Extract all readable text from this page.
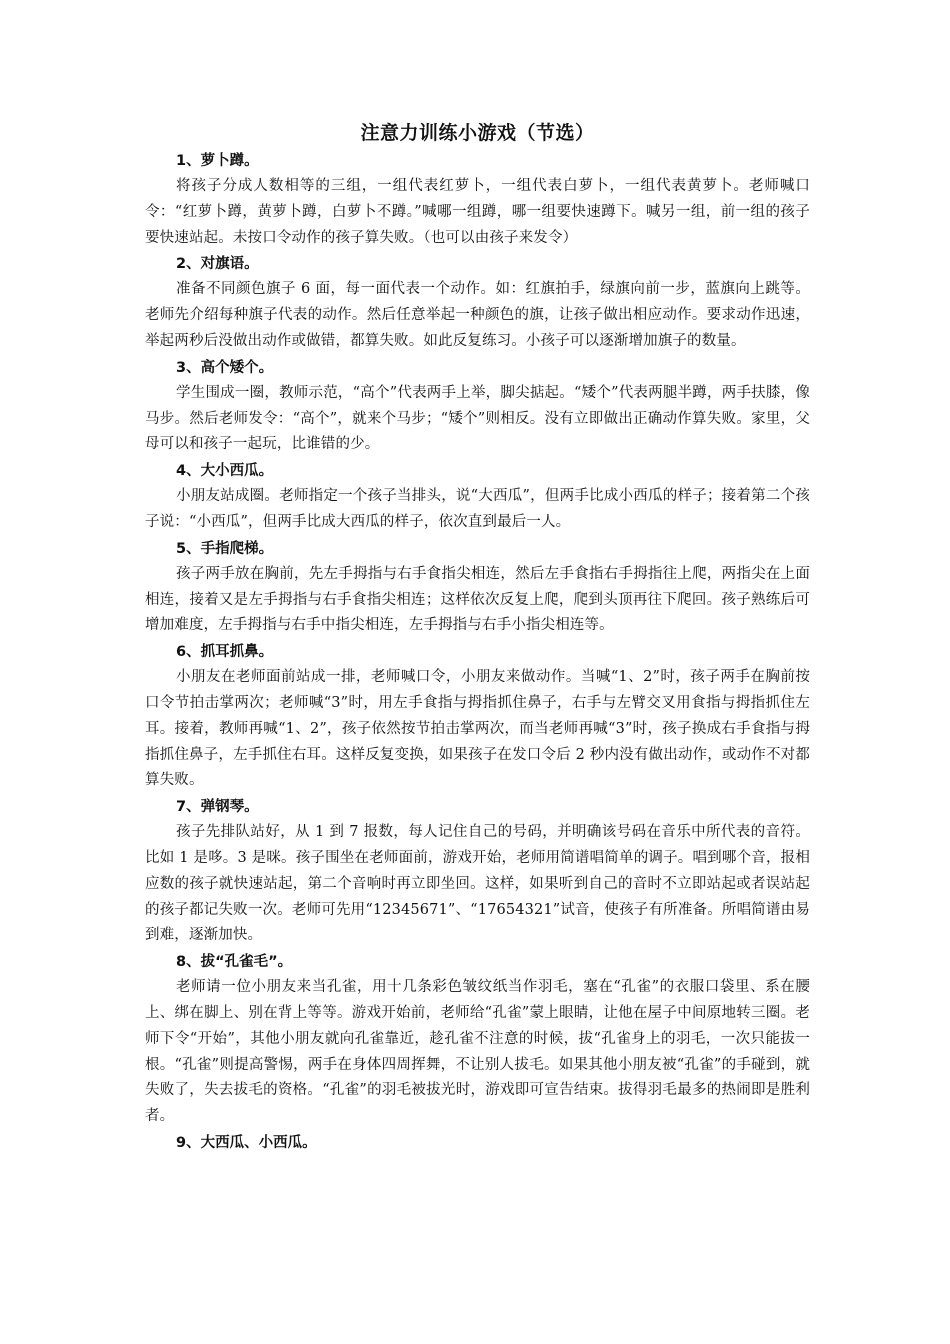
注意力训练小游戏（节选）

1、萝卜蹲。

将孩子分成人数相等的三组，一组代表红萝卜，一组代表白萝卜，一组代表黄萝卜。老师喊口令：“红萝卜蹲，黄萝卜蹲，白萝卜不蹲。”喊哪一组蹲，哪一组要快速蹲下。喊另一组，前一组的孩子要快速站起。未按口令动作的孩子算失败。（也可以由孩子来发令）

2、对旗语。

准备不同颜色旗子 6 面，每一面代表一个动作。如：红旗拍手，绿旗向前一步，蓝旗向上跳等。老师先介绍每种旗子代表的动作。然后任意举起一种颜色的旗，让孩子做出相应动作。要求动作迅速，举起两秒后没做出动作或做错，都算失败。如此反复练习。小孩子可以逐渐增加旗子的数量。

3、高个矮个。

学生围成一圈，教师示范，“高个”代表两手上举，脚尖掂起。“矮个”代表两腿半蹲，两手扶膝，像马步。然后老师发令：“高个”，就来个马步；“矮个”则相反。没有立即做出正确动作算失败。家里，父母可以和孩子一起玩，比谁错的少。

4、大小西瓜。

小朋友站成圈。老师指定一个孩子当排头，说“大西瓜”，但两手比成小西瓜的样子；接着第二个孩子说：“小西瓜”，但两手比成大西瓜的样子，依次直到最后一人。

5、手指爬梯。

孩子两手放在胸前，先左手拇指与右手食指尖相连，然后左手食指右手拇指往上爬，两指尖在上面相连，接着又是左手拇指与右手食指尖相连；这样依次反复上爬，爬到头顶再往下爬回。孩子熟练后可增加难度，左手拇指与右手中指尖相连，左手拇指与右手小指尖相连等。

6、抓耳抓鼻。

小朋友在老师面前站成一排，老师喊口令，小朋友来做动作。当喊“1、2”时，孩子两手在胸前按口令节拍击掌两次；老师喊“3”时，用左手食指与拇指抓住鼻子，右手与左臂交叉用食指与拇指抓住左耳。接着，教师再喊“1、2”，孩子依然按节拍击掌两次，而当老师再喊“3”时，孩子换成右手食指与拇指抓住鼻子，左手抓住右耳。这样反复变换，如果孩子在发口令后 2 秒内没有做出动作，或动作不对都算失败。

7、弹钢琴。

孩子先排队站好，从 1 到 7 报数，每人记住自己的号码，并明确该号码在音乐中所代表的音符。比如 1 是哆。3 是咪。孩子围坐在老师面前，游戏开始，老师用简谱唱简单的调子。唱到哪个音，报相应数的孩子就快速站起，第二个音响时再立即坐回。这样，如果听到自己的音时不立即站起或者误站起的孩子都记失败一次。老师可先用“12345671”、“17654321”试音，使孩子有所准备。所唱简谱由易到难，逐渐加快。

8、拔“孔雀毛”。

老师请一位小朋友来当孔雀，用十几条彩色皱纹纸当作羽毛，塞在“孔雀”的衣服口袋里、系在腰上、绑在脚上、别在背上等等。游戏开始前，老师给“孔雀”蒙上眼睛，让他在屋子中间原地转三圈。老师下令“开始”，其他小朋友就向孔雀靠近，趁孔雀不注意的时候，拔“孔雀身上的羽毛，一次只能拔一根。“孔雀”则提高警惕，两手在身体四周挥舞，不让别人拔毛。如果其他小朋友被“孔雀”的手碰到，就失败了，失去拔毛的资格。“孔雀”的羽毛被拔光时，游戏即可宣告结束。拔得羽毛最多的热闹即是胜利者。

9、大西瓜、小西瓜。
